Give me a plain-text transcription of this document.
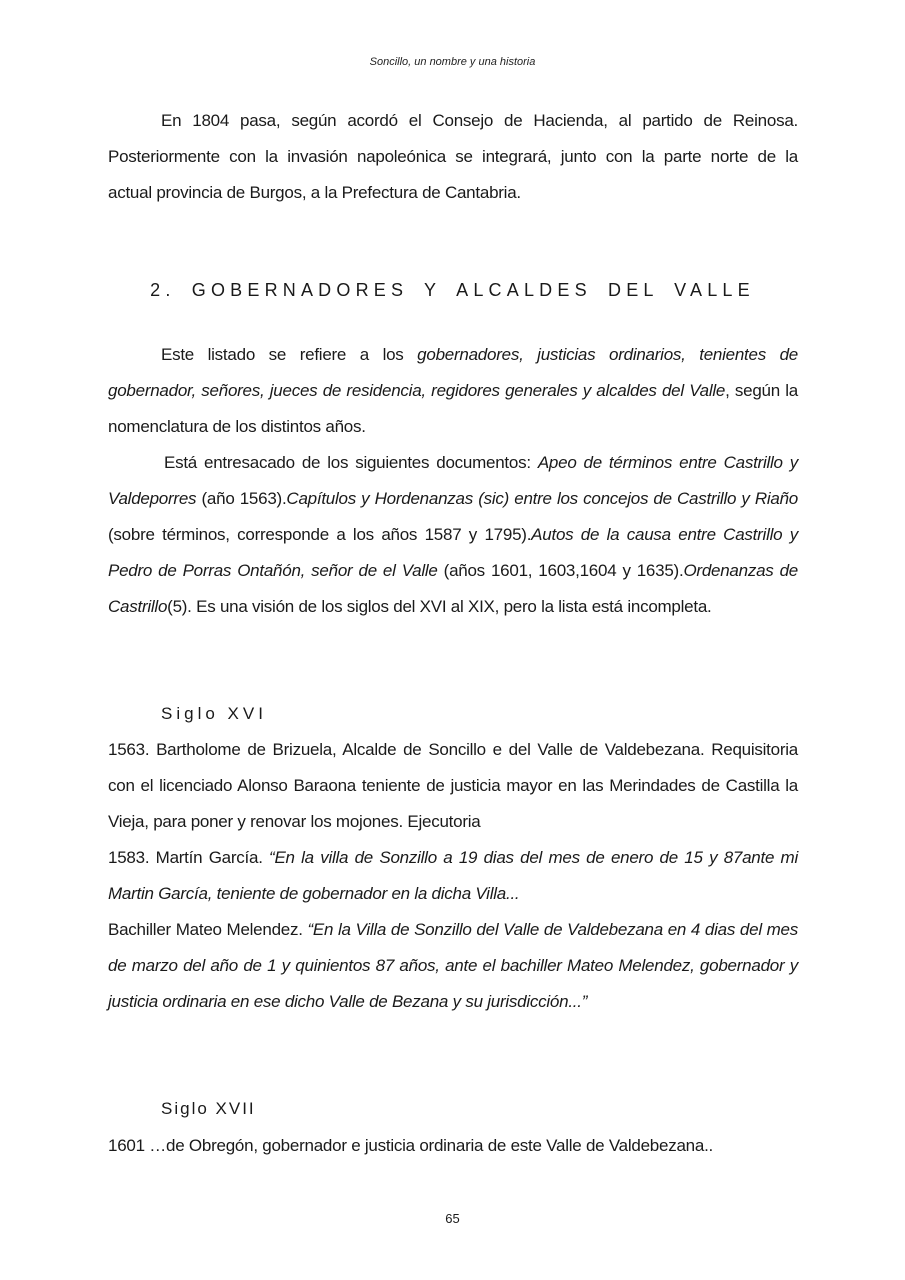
Soncillo, un nombre y una historia

En 1804 pasa, según acordó el Consejo de Hacienda, al partido de Reinosa.

Posteriormente con la invasión napoleónica se integrará, junto con la parte norte de la

actual provincia de Burgos, a la Prefectura de Cantabria.

2. GOBERNADORES Y ALCALDES DEL VALLE

Este listado se refiere a los gobernadores, justicias ordinarios, tenientes de gobernador, señores, jueces de residencia, regidores generales y alcaldes del Valle, según la nomenclatura de los distintos años.

Está entresacado de los siguientes documentos: Apeo de términos entre Castrillo y Valdeporres (año 1563).Capítulos y Hordenanzas (sic) entre los concejos de Castrillo y Riaño (sobre términos, corresponde a los años 1587 y 1795).Autos de la causa entre Castrillo y Pedro de Porras Ontañón, señor de el Valle (años 1601, 1603,1604 y 1635).Ordenanzas de Castrillo(5). Es una visión de los siglos del XVI al XIX, pero la lista está incompleta.

Siglo XVI

1563. Bartholome de Brizuela, Alcalde de Soncillo e del Valle de Valdebezana. Requisitoria con el licenciado Alonso Baraona teniente de justicia mayor en las Merindades de Castilla la Vieja, para poner y renovar los mojones. Ejecutoria

1583. Martín García. “En la villa de Sonzillo a 19 dias del mes de enero de 15 y 87ante mi Martin García, teniente de gobernador en la dicha Villa...

Bachiller Mateo Melendez. “En la Villa de Sonzillo del Valle de Valdebezana en 4 dias del mes de marzo del año de 1 y quinientos 87 años, ante el bachiller Mateo Melendez, gobernador y justicia ordinaria en ese dicho Valle de Bezana y su jurisdicción...”

Siglo XVII

1601 …de Obregón, gobernador e justicia ordinaria de este Valle de Valdebezana..

65
